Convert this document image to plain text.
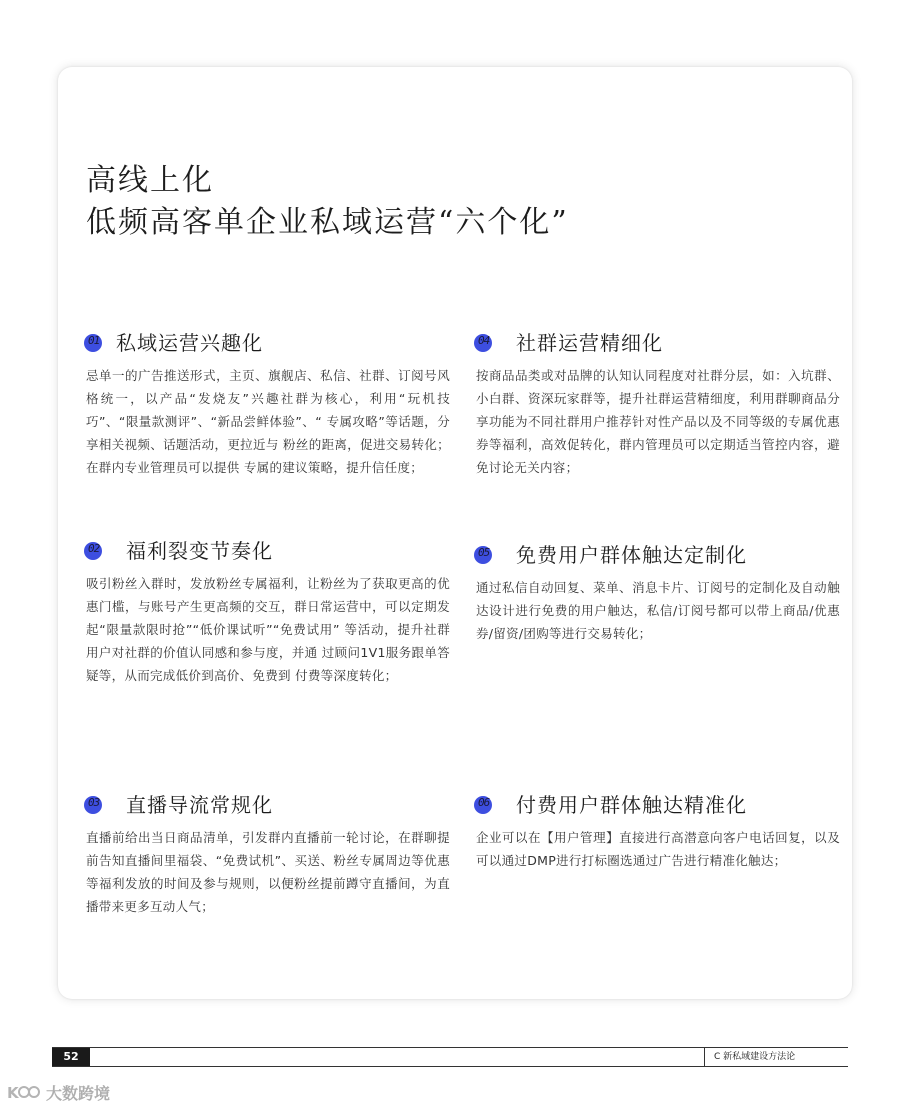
高线上化
低频高客单企业私域运营“六个化”
01 私域运营兴趣化
忌单一的广告推送形式，主页、旗舰店、私信、社群、订阅号风格统一，以产品“发烧友”兴趣社群为核心，利用“玩机技巧”、“限量款测评”、“新品尝鲜体验”、“ 专属攻略”等话题，分享相关视频、话题活动，更拉近与 粉丝的距离，促进交易转化；在群内专业管理员可以提供 专属的建议策略，提升信任度；
02 福利裂变节奏化
吸引粉丝入群时，发放粉丝专属福利，让粉丝为了获取更高的优惠门槛，与账号产生更高频的交互，群日常运营中，可以定期发起“限量款限时抢”“低价课试听”“免费试用” 等活动，提升社群用户对社群的价值认同感和参与度，并通 过顾问1V1服务跟单答疑等，从而完成低价到高价、免费到 付费等深度转化；
03 直播导流常规化
直播前给出当日商品清单，引发群内直播前一轮讨论，在群聊提前告知直播间里福袋、“免费试机”、买送、粉丝专属周边等优惠等福利发放的时间及参与规则，以便粉丝提前蹲守直播间，为直播带来更多互动人气；
04 社群运营精细化
按商品品类或对品牌的认知认同程度对社群分层，如：入坑群、小白群、资深玩家群等，提升社群运营精细度，利用群聊商品分享功能为不同社群用户推荐针对性产品以及不同等级的专属优惠券等福利，高效促转化，群内管理员可以定期适当管控内容，避免讨论无关内容；
05 免费用户群体触达定制化
通过私信自动回复、菜单、消息卡片、订阅号的定制化及自动触达设计进行免费的用户触达，私信/订阅号都可以带上商品/优惠券/留资/团购等进行交易转化；
06 付费用户群体触达精准化
企业可以在【用户管理】直接进行高潜意向客户电话回复，以及可以通过DMP进行打标圈选通过广告进行精准化触达；
52	C 新私域建设方法论
K 大数跨境
